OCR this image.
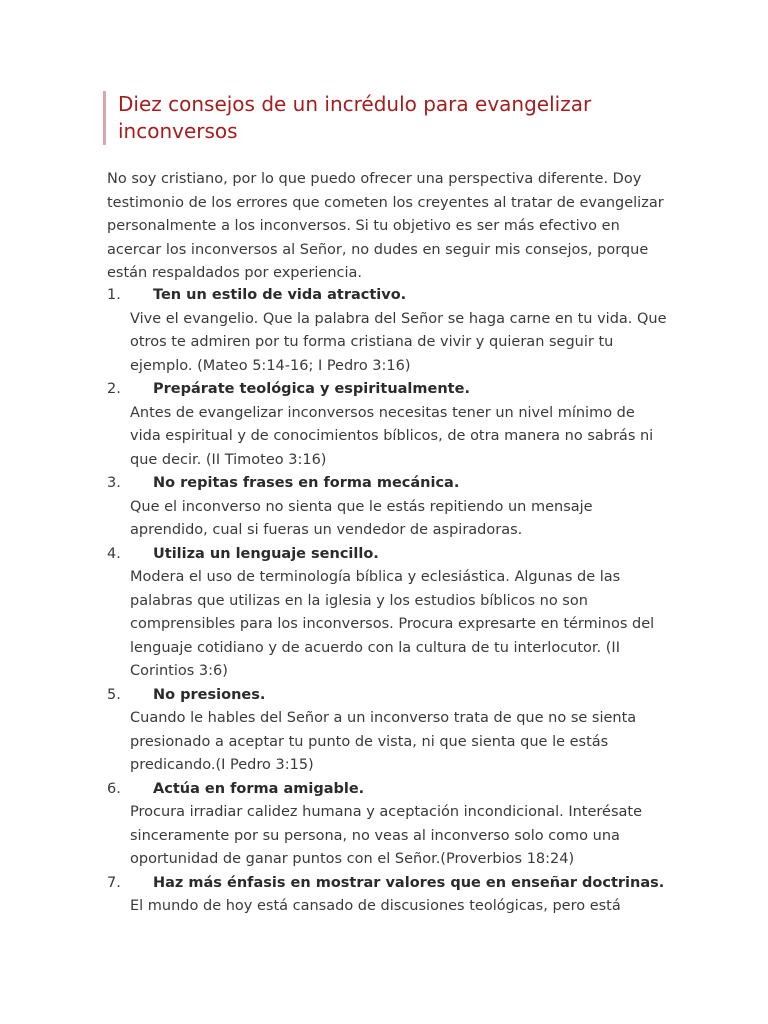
Diez consejos de un incrédulo para evangelizar inconversos

No soy cristiano, por lo que puedo ofrecer una perspectiva diferente. Doy testimonio de los errores que cometen los creyentes al tratar de evangelizar personalmente a los inconversos. Si tu objetivo es ser más efectivo en acercar los inconversos al Señor, no dudes en seguir mis consejos, porque están respaldados por experiencia.

1.	Ten un estilo de vida atractivo.
Vive el evangelio. Que la palabra del Señor se haga carne en tu vida. Que otros te admiren por tu forma cristiana de vivir y quieran seguir tu ejemplo. (Mateo 5:14-16; I Pedro 3:16)
2.	Prepárate teológica y espiritualmente.
Antes de evangelizar inconversos necesitas tener un nivel mínimo de vida espiritual y de conocimientos bíblicos, de otra manera no sabrás ni que decir. (II Timoteo 3:16)
3.	No repitas frases en forma mecánica.
Que el inconverso no sienta que le estás repitiendo un mensaje aprendido, cual si fueras un vendedor de aspiradoras.
4.	Utiliza un lenguaje sencillo.
Modera el uso de terminología bíblica y eclesiástica. Algunas de las palabras que utilizas en la iglesia y los estudios bíblicos no son comprensibles para los inconversos. Procura expresarte en términos del lenguaje cotidiano y de acuerdo con la cultura de tu interlocutor. (II Corintios 3:6)
5.	No presiones.
Cuando le hables del Señor a un inconverso trata de que no se sienta presionado a aceptar tu punto de vista, ni que sienta que le estás predicando.(I Pedro 3:15)
6.	Actúa en forma amigable.
Procura irradiar calidez humana y aceptación incondicional. Interésate sinceramente por su persona, no veas al inconverso solo como una oportunidad de ganar puntos con el Señor.(Proverbios 18:24)
7.	Haz más énfasis en mostrar valores que en enseñar doctrinas.
El mundo de hoy está cansado de discusiones teológicas, pero está
